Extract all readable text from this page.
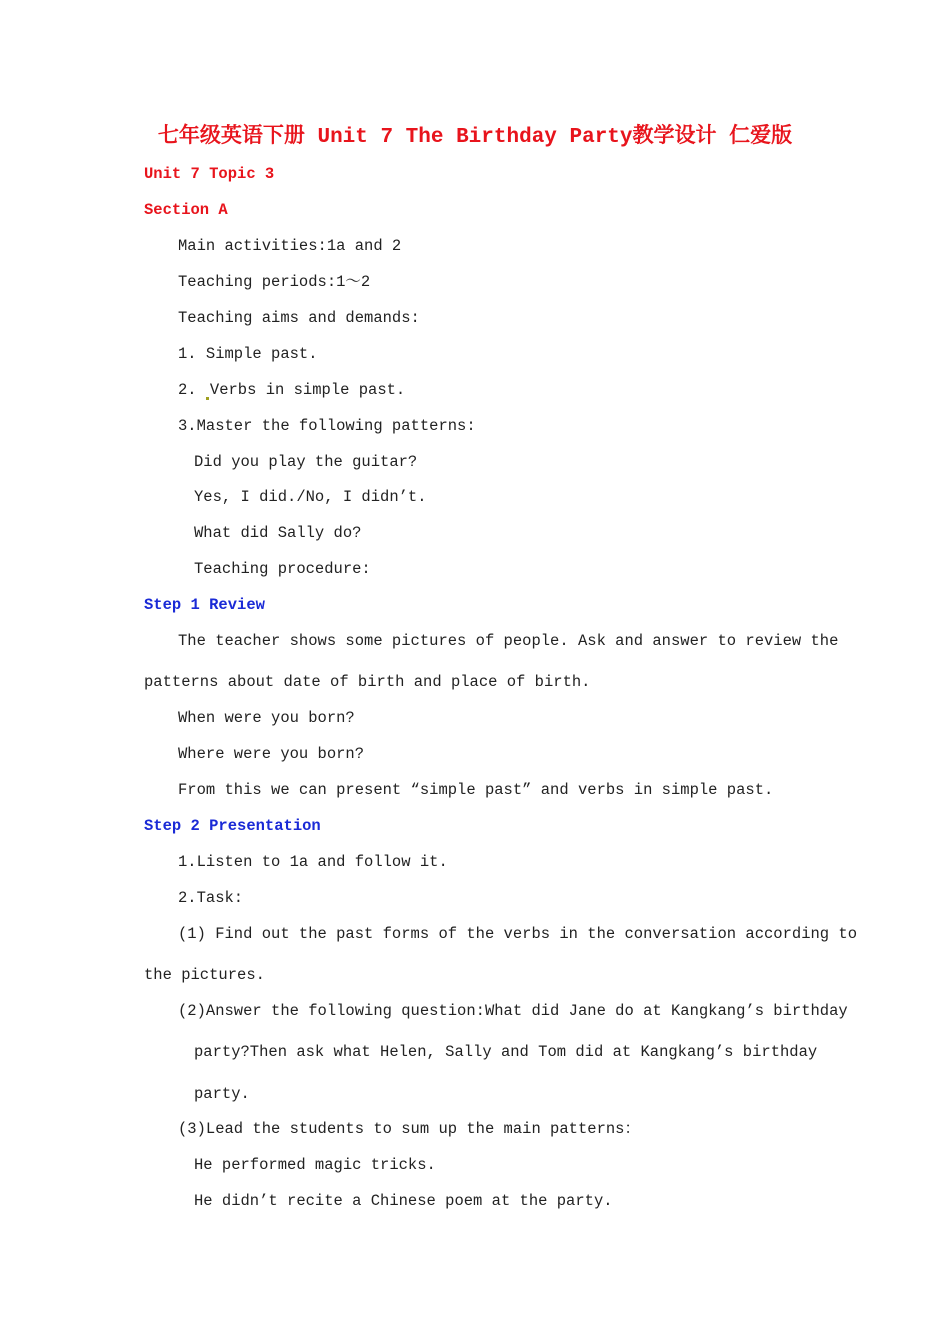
七年级英语下册 Unit 7 The Birthday Party教学设计 仁爱版
Unit 7 Topic 3
Section A
Main activities:1a and 2
Teaching periods:1～2
Teaching aims and demands:
1. Simple past.
2. Verbs in simple past.
3.Master the following patterns:
Did you play the guitar?
Yes, I did./No, I didn’t.
What did Sally do?
Teaching procedure:
Step 1 Review
The teacher shows some pictures of people. Ask and answer to review the
patterns about date of birth and place of birth.
When were you born?
Where were you born?
From this we can present “simple past” and verbs in simple past.
Step 2 Presentation
1.Listen to 1a and follow it.
2.Task:
(1) Find out the past forms of the verbs in the conversation according to
the pictures.
(2)Answer the following question:What did Jane do at Kangkang’s birthday
party?Then ask what Helen, Sally and Tom did at Kangkang’s birthday
party.
(3)Lead the students to sum up the main patterns：
He performed magic tricks.
He didn’t recite a Chinese poem at the party.
